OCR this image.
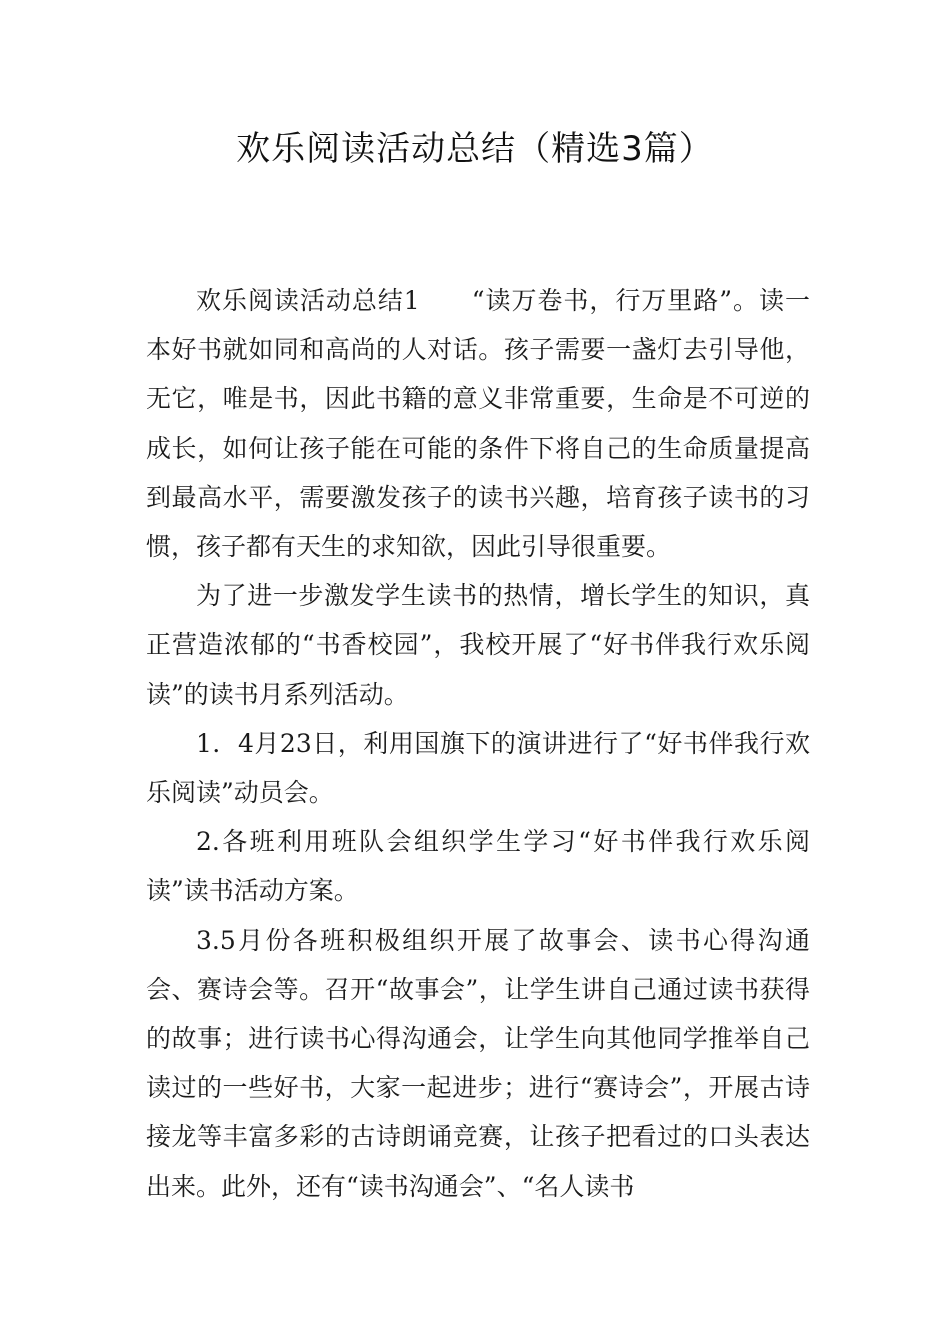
欢乐阅读活动总结（精选3篇）

欢乐阅读活动总结1 “读万卷书，行万里路”。读一本好书就如同和高尚的人对话。孩子需要一盏灯去引导他，无它，唯是书，因此书籍的意义非常重要，生命是不可逆的成长，如何让孩子能在可能的条件下将自己的生命质量提高到最高水平，需要激发孩子的读书兴趣，培育孩子读书的习惯，孩子都有天生的求知欲，因此引导很重要。

为了进一步激发学生读书的热情，增长学生的知识，真正营造浓郁的“书香校园”，我校开展了“好书伴我行欢乐阅读”的读书月系列活动。

1．4月23日，利用国旗下的演讲进行了“好书伴我行欢乐阅读”动员会。

2.各班利用班队会组织学生学习“好书伴我行欢乐阅读”读书活动方案。

3.5月份各班积极组织开展了故事会、读书心得沟通会、赛诗会等。召开“故事会”，让学生讲自己通过读书获得的故事；进行读书心得沟通会，让学生向其他同学推举自己读过的一些好书，大家一起进步；进行“赛诗会”，开展古诗接龙等丰富多彩的古诗朗诵竞赛，让孩子把看过的口头表达出来。此外，还有“读书沟通会”、“名人读书
